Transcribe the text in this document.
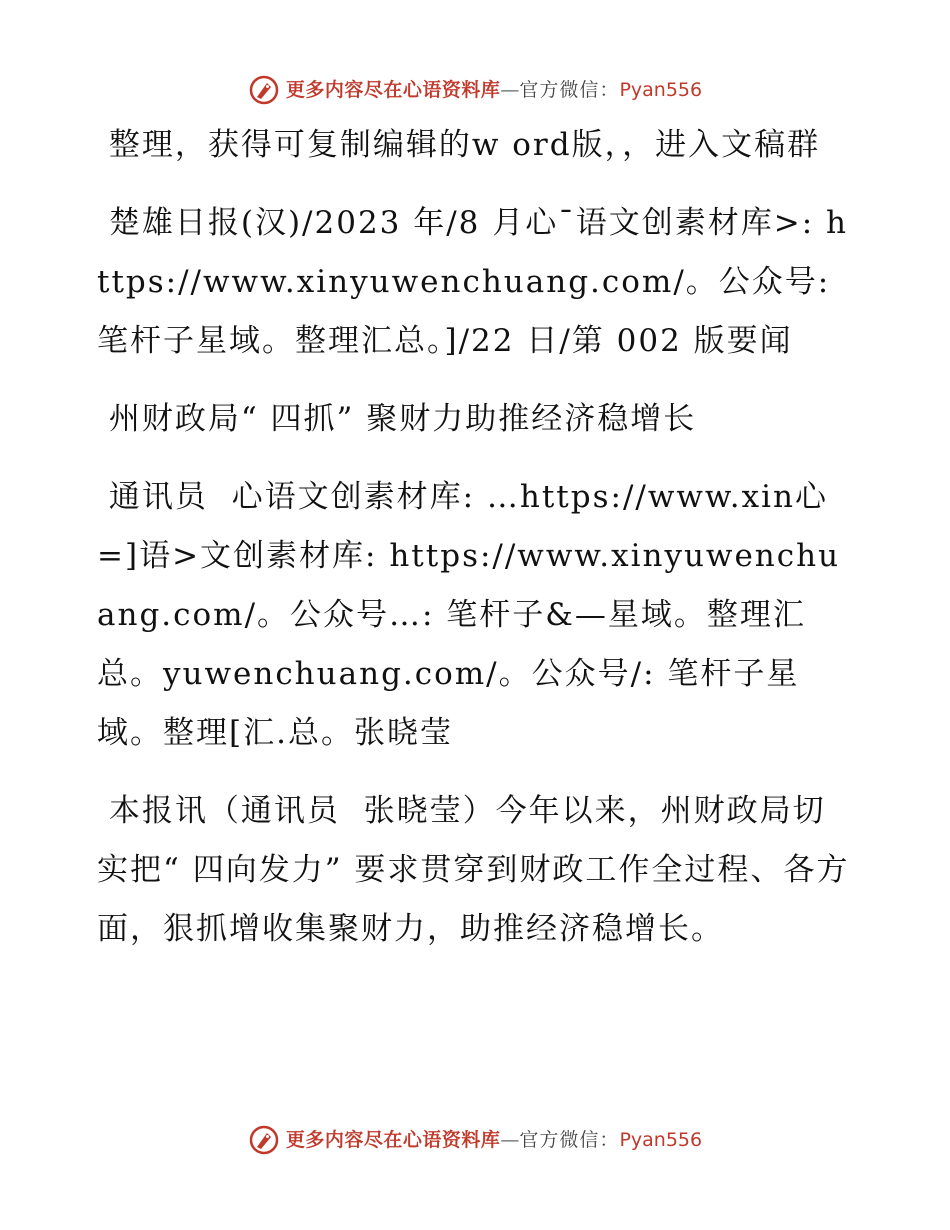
更多内容尽在心语资料库 — 官方微信： Pyan556

整理，获得可复制编辑的w ord版，，进入文稿群

楚雄日报(汉)/2023 年/8 月心¯语文创素材库>: https://www.xinyuwenchuang.com/。公众号: 笔杆子星域。整理汇总。]/22 日/第 002 版要闻

州财政局“ 四抓” 聚财力助推经济稳增长

通讯员  心语文创素材库: …https://www.xin心=]语>文创素材库: https://www.xinyuwenchuang.com/。公众号…: 笔杆子&—星域。整理汇总。yuwenchuang.com/。公众号/: 笔杆子星域。整理[汇.总。张晓莹

本报讯（通讯员  张晓莹）今年以来，州财政局切实把“ 四向发力” 要求贯穿到财政工作全过程、各方面，狠抓增收集聚财力，助推经济稳增长。

更多内容尽在心语资料库 — 官方微信： Pyan556
